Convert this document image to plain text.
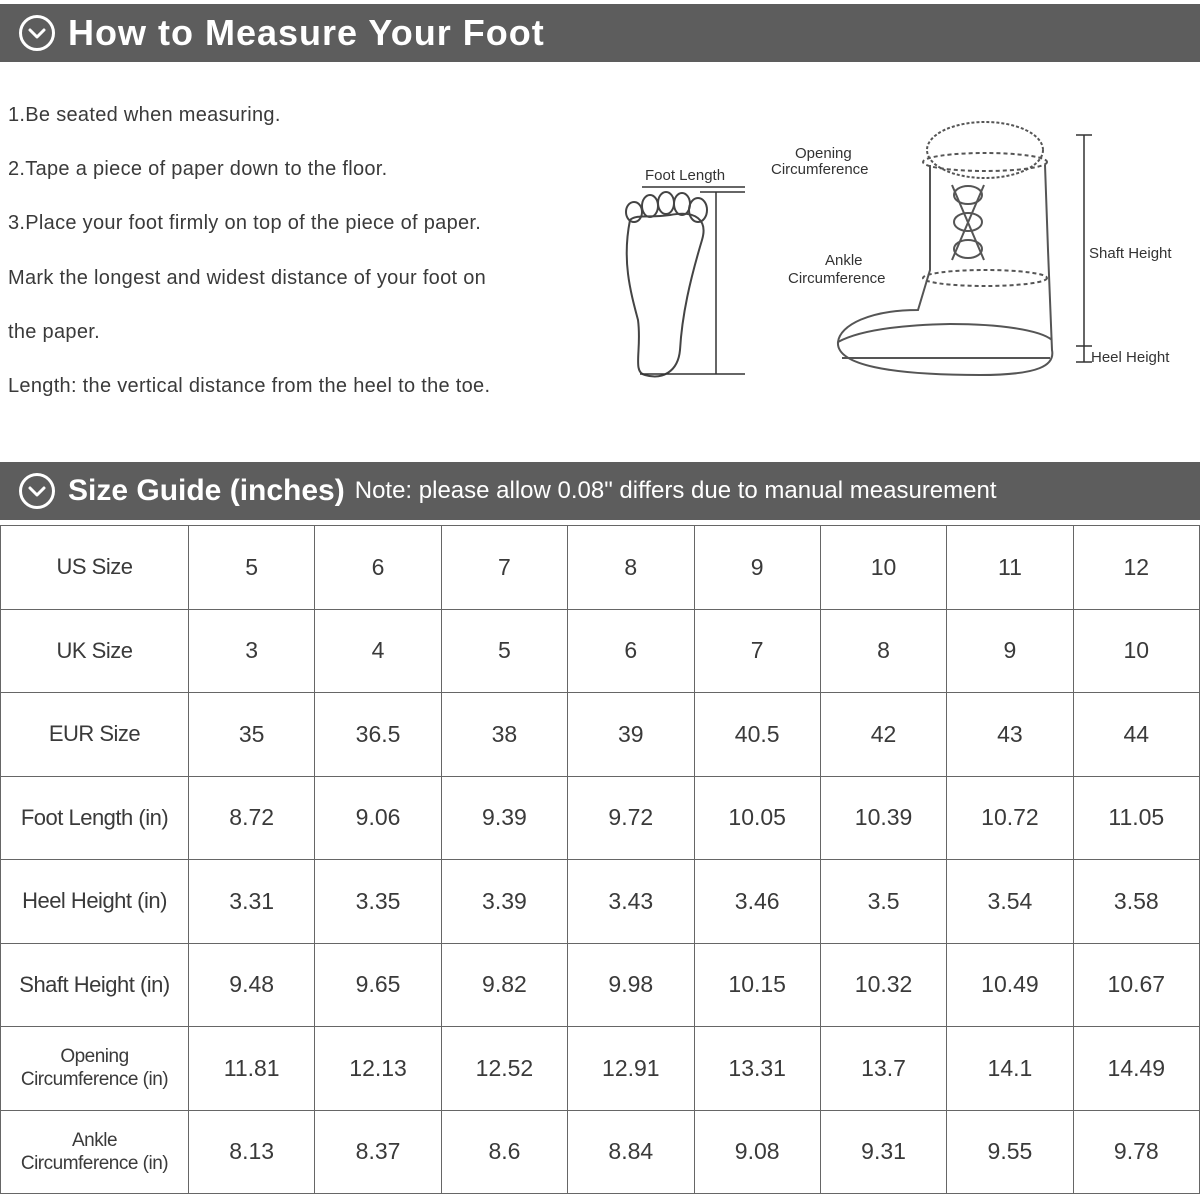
How to Measure Your Foot

1.Be seated when measuring.

2.Tape a piece of paper down to the floor.

3.Place your foot firmly on top of the piece of paper.

Mark the longest and widest distance of your foot on

the paper.

Length: the vertical distance from the heel to the toe.

Foot Length
Opening
Circumference
Ankle
Circumference
Shaft Height
Heel Height
Size Guide (inches) Note: please allow 0.08" differs due to manual measurement
US Size	5	6	7	8	9	10	11	12
UK Size	3	4	5	6	7	8	9	10
EUR Size	35	36.5	38	39	40.5	42	43	44
Foot Length (in)	8.72	9.06	9.39	9.72	10.05	10.39	10.72	11.05
Heel Height (in)	3.31	3.35	3.39	3.43	3.46	3.5	3.54	3.58
Shaft Height (in)	9.48	9.65	9.82	9.98	10.15	10.32	10.49	10.67

Opening
Circumference (in)	11.81	12.13	12.52	12.91	13.31	13.7	14.1	14.49

Ankle
Circumference (in)	8.13	8.37	8.6	8.84	9.08	9.31	9.55	9.78
